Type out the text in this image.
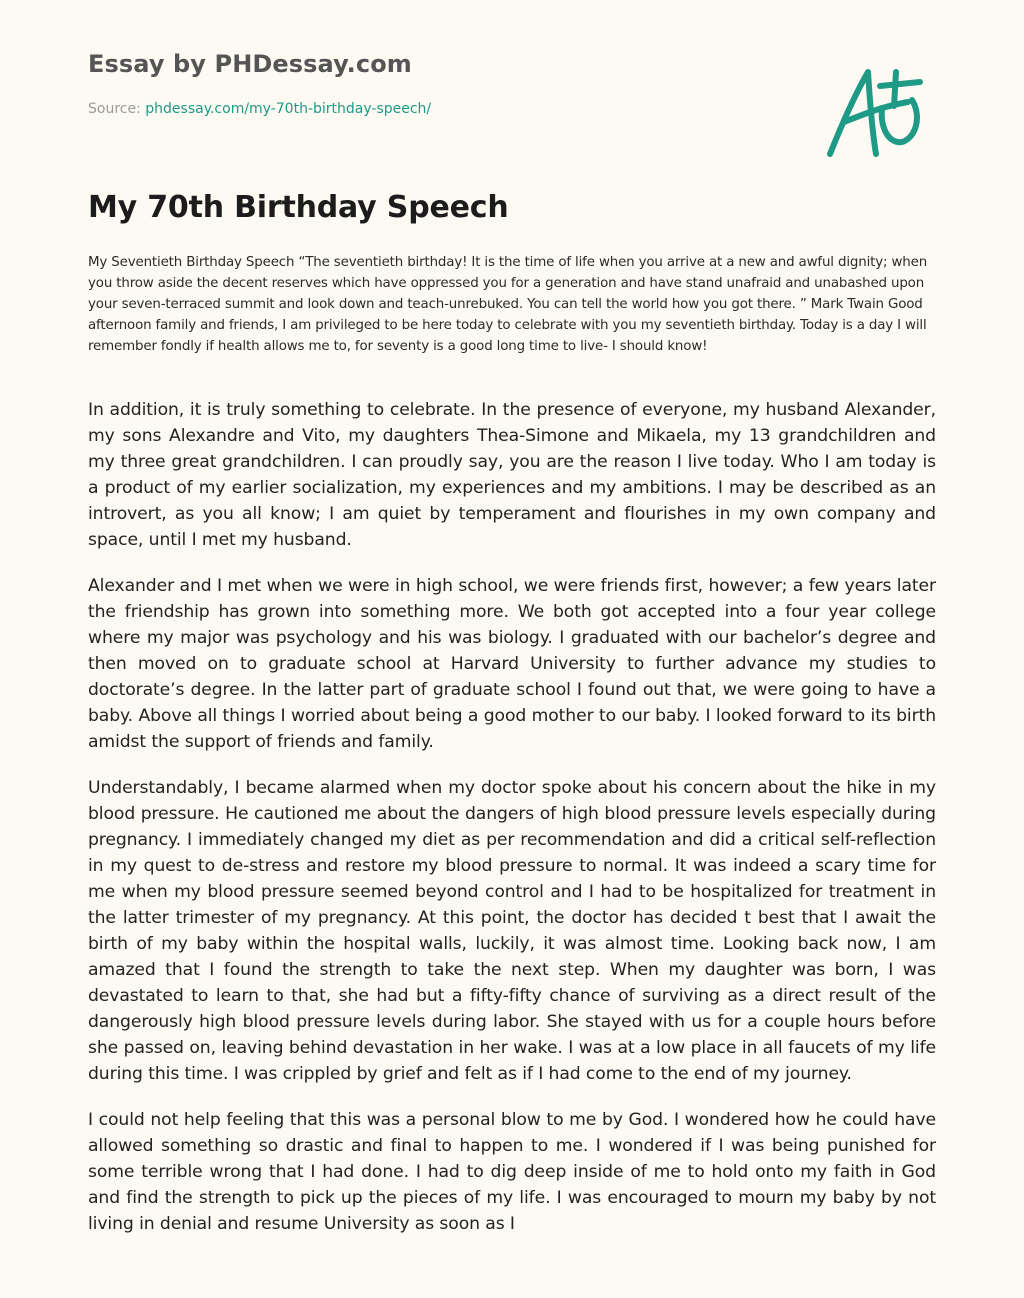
Essay by PHDessay.com
Source: phdessay.com/my-70th-birthday-speech/
My 70th Birthday Speech

My Seventieth Birthday Speech “The seventieth birthday! It is the time of life when you arrive at a new and awful dignity; when you throw aside the decent reserves which have oppressed you for a generation and have stand unafraid and unabashed upon your seven-terraced summit and look down and teach-unrebuked. You can tell the world how you got there. ” Mark Twain Good afternoon family and friends, I am privileged to be here today to celebrate with you my seventieth birthday. Today is a day I will remember fondly if health allows me to, for seventy is a good long time to live- I should know!

In addition, it is truly something to celebrate. In the presence of everyone, my husband Alexander, my sons Alexandre and Vito, my daughters Thea-Simone and Mikaela, my 13 grandchildren and my three great grandchildren. I can proudly say, you are the reason I live today. Who I am today is a product of my earlier socialization, my experiences and my ambitions. I may be described as an introvert, as you all know; I am quiet by temperament and flourishes in my own company and space, until I met my husband.

Alexander and I met when we were in high school, we were friends first, however; a few years later the friendship has grown into something more. We both got accepted into a four year college where my major was psychology and his was biology. I graduated with our bachelor’s degree and then moved on to graduate school at Harvard University to further advance my studies to doctorate’s degree. In the latter part of graduate school I found out that, we were going to have a baby. Above all things I worried about being a good mother to our baby. I looked forward to its birth amidst the support of friends and family.

Understandably, I became alarmed when my doctor spoke about his concern about the hike in my blood pressure. He cautioned me about the dangers of high blood pressure levels especially during pregnancy. I immediately changed my diet as per recommendation and did a critical self-reflection in my quest to de-stress and restore my blood pressure to normal. It was indeed a scary time for me when my blood pressure seemed beyond control and I had to be hospitalized for treatment in the latter trimester of my pregnancy. At this point, the doctor has decided t best that I await the birth of my baby within the hospital walls, luckily, it was almost time. Looking back now, I am amazed that I found the strength to take the next step. When my daughter was born, I was devastated to learn to that, she had but a fifty-fifty chance of surviving as a direct result of the dangerously high blood pressure levels during labor. She stayed with us for a couple hours before she passed on, leaving behind devastation in her wake. I was at a low place in all faucets of my life during this time. I was crippled by grief and felt as if I had come to the end of my journey.

I could not help feeling that this was a personal blow to me by God. I wondered how he could have allowed something so drastic and final to happen to me. I wondered if I was being punished for some terrible wrong that I had done. I had to dig deep inside of me to hold onto my faith in God and find the strength to pick up the pieces of my life. I was encouraged to mourn my baby by not living in denial and resume University as soon as I
